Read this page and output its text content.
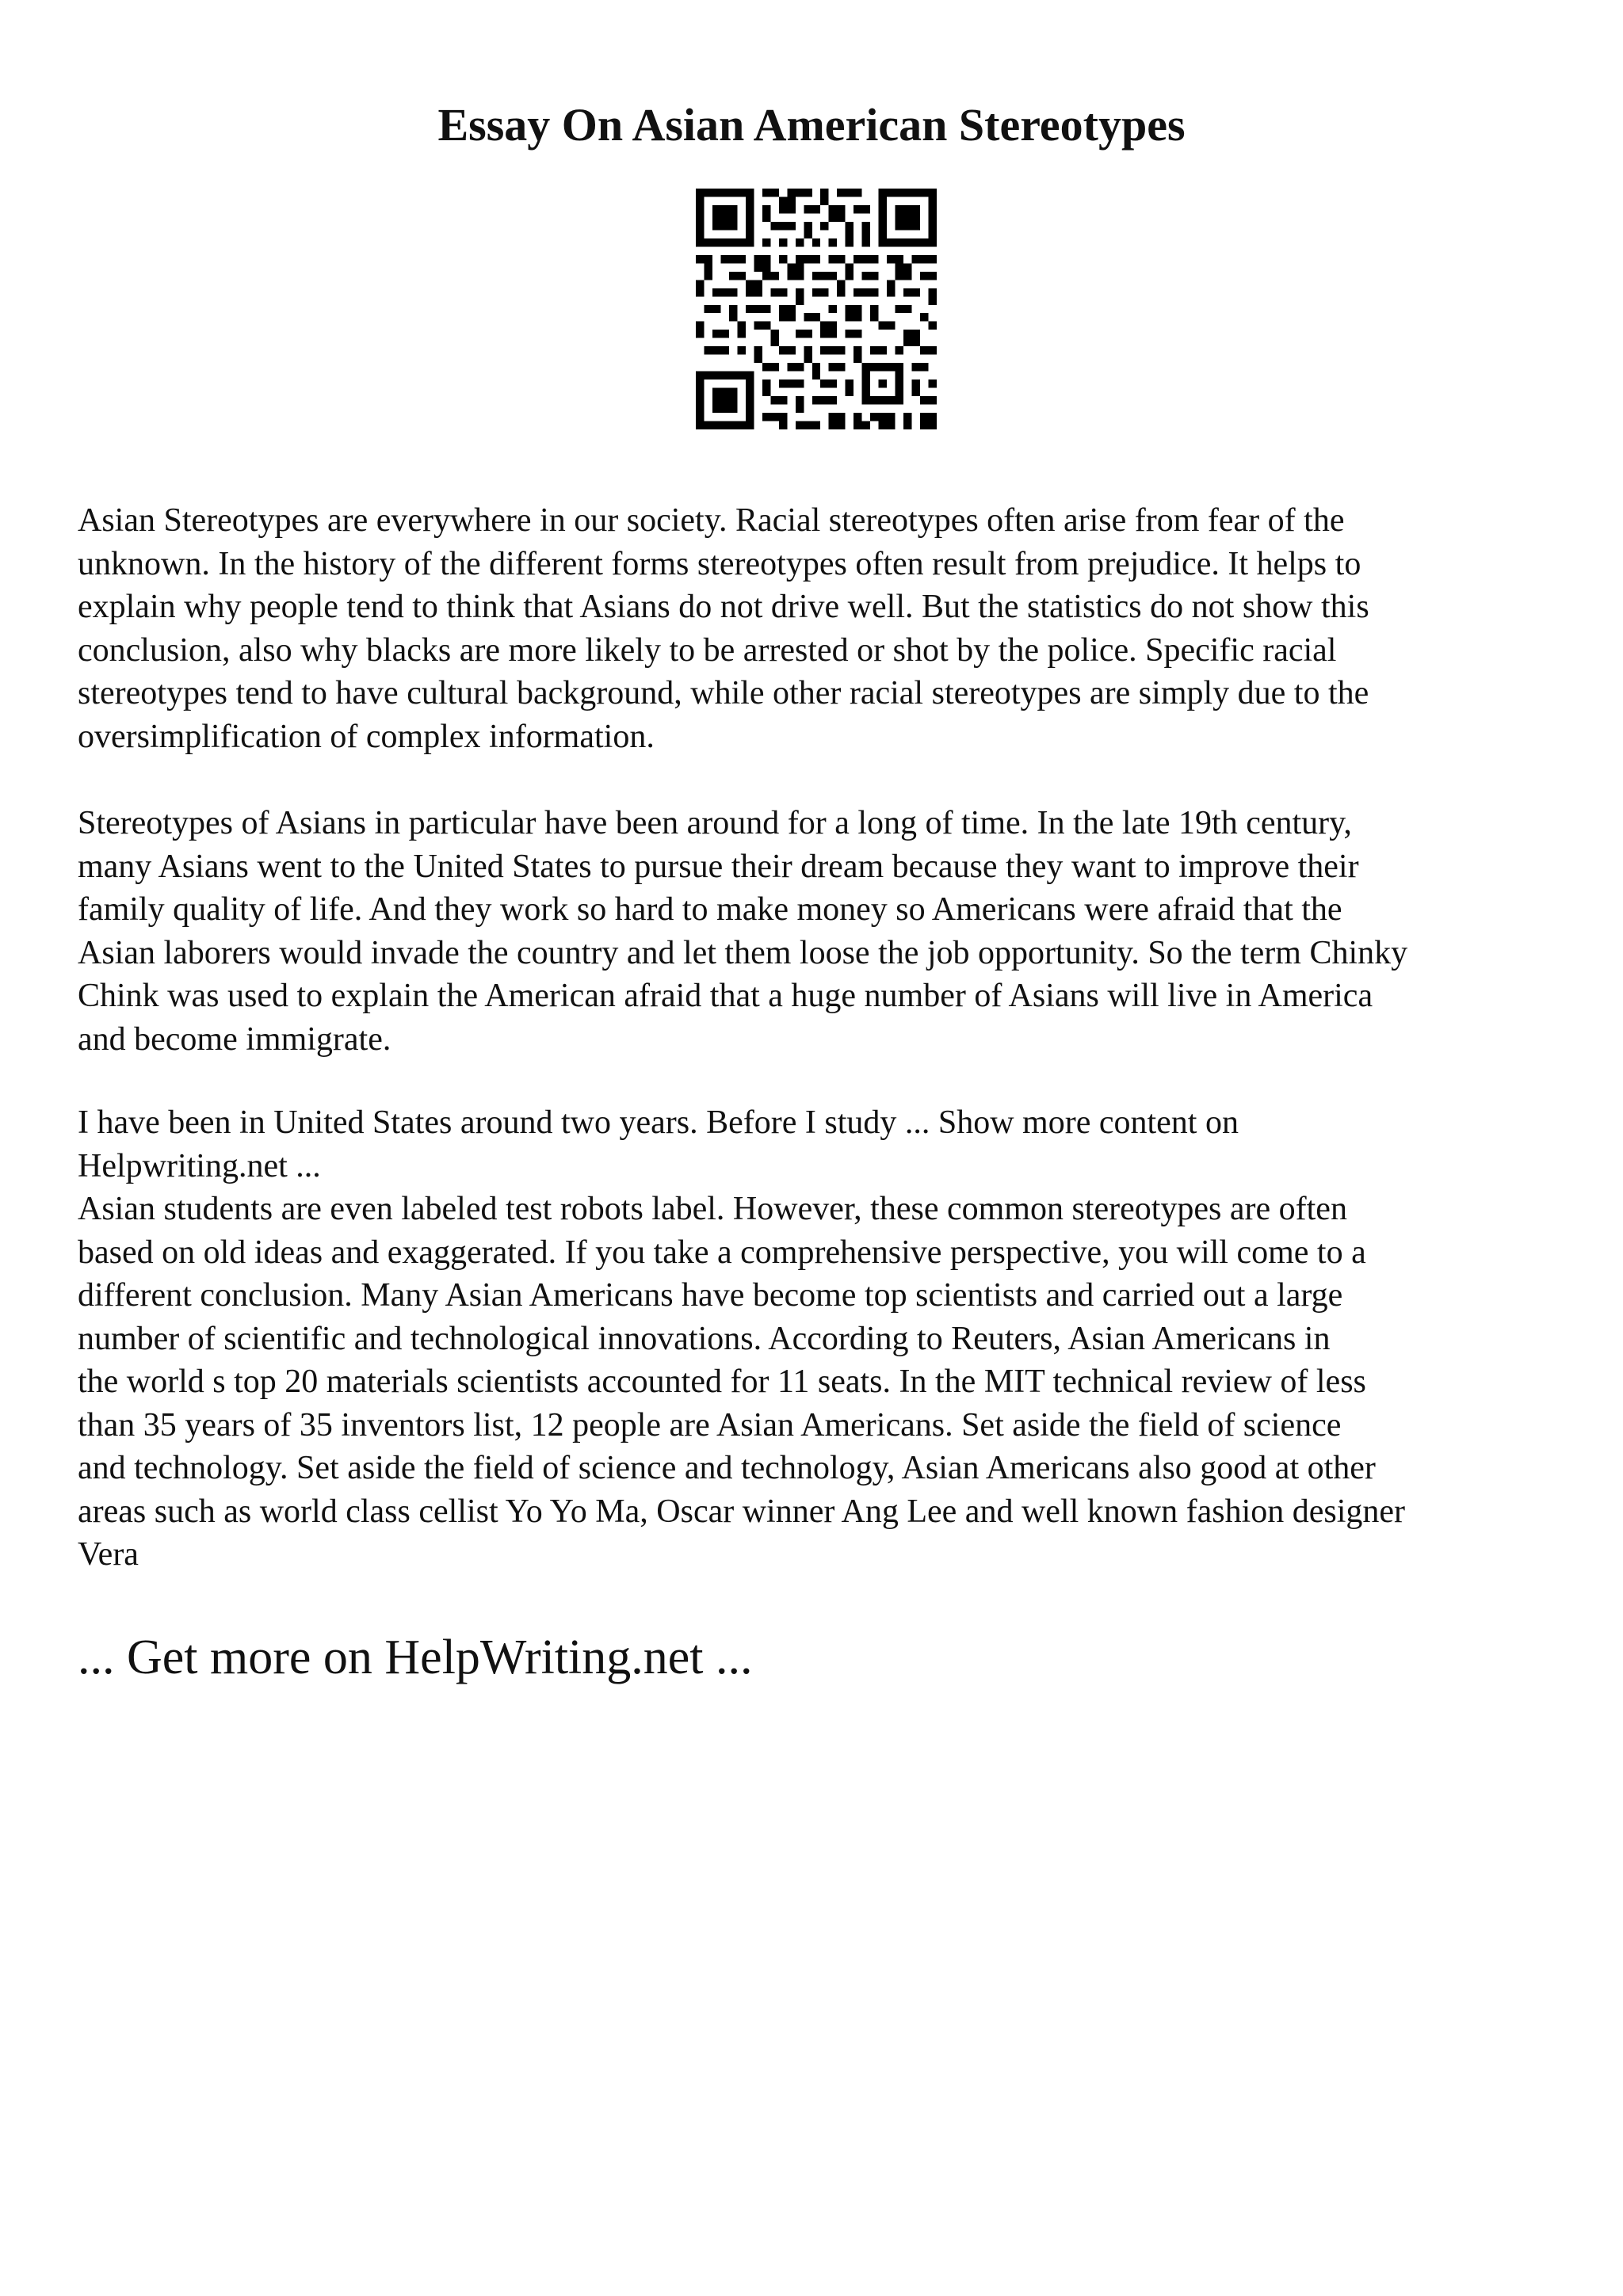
Essay On Asian American Stereotypes

Asian Stereotypes are everywhere in our society. Racial stereotypes often arise from fear of the
unknown. In the history of the different forms stereotypes often result from prejudice. It helps to
explain why people tend to think that Asians do not drive well. But the statistics do not show this
conclusion, also why blacks are more likely to be arrested or shot by the police. Specific racial
stereotypes tend to have cultural background, while other racial stereotypes are simply due to the
oversimplification of complex information.

Stereotypes of Asians in particular have been around for a long of time. In the late 19th century,
many Asians went to the United States to pursue their dream because they want to improve their
family quality of life. And they work so hard to make money so Americans were afraid that the
Asian laborers would invade the country and let them loose the job opportunity. So the term Chinky
Chink was used to explain the American afraid that a huge number of Asians will live in America
and become immigrate.

I have been in United States around two years. Before I study ... Show more content on
Helpwriting.net ...

Asian students are even labeled test robots label. However, these common stereotypes are often
based on old ideas and exaggerated. If you take a comprehensive perspective, you will come to a
different conclusion. Many Asian Americans have become top scientists and carried out a large
number of scientific and technological innovations. According to Reuters, Asian Americans in
the world s top 20 materials scientists accounted for 11 seats. In the MIT technical review of less
than 35 years of 35 inventors list, 12 people are Asian Americans. Set aside the field of science
and technology. Set aside the field of science and technology, Asian Americans also good at other
areas such as world class cellist Yo Yo Ma, Oscar winner Ang Lee and well known fashion designer
Vera

... Get more on HelpWriting.net ...
